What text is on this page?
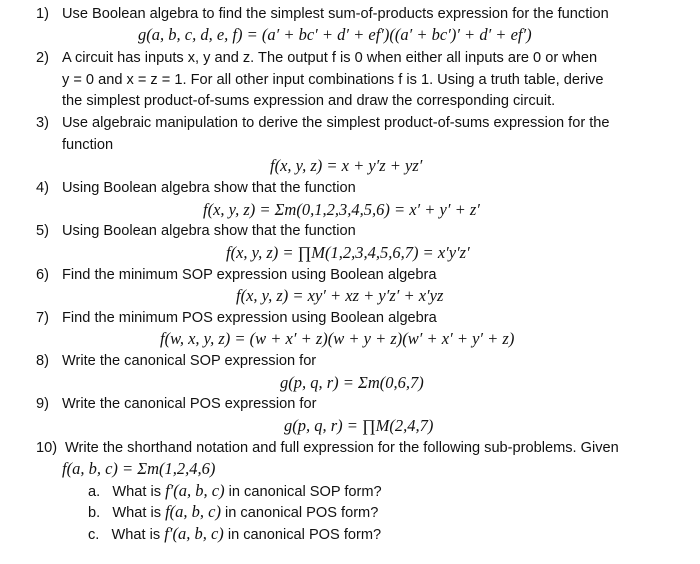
1) Use Boolean algebra to find the simplest sum-of-products expression for the function
g(a, b, c, d, e, f) = (a′ + bc′ + d′ + ef′)((a′ + bc′)′ + d′ + ef′)
2) A circuit has inputs x, y and z. The output f is 0 when either all inputs are 0 or when
y = 0 and x = z = 1. For all other input combinations f is 1. Using a truth table, derive
the simplest product-of-sums expression and draw the corresponding circuit.
3) Use algebraic manipulation to derive the simplest product-of-sums expression for the
function
f(x, y, z) = x + y′z + yz′
4) Using Boolean algebra show that the function
f(x, y, z) = Σm(0,1,2,3,4,5,6) = x′ + y′ + z′
5) Using Boolean algebra show that the function
f(x, y, z) = ∏M(1,2,3,4,5,6,7) = x′y′z′
6) Find the minimum SOP expression using Boolean algebra
f(x, y, z) = xy′ + xz + y′z′ + x′yz
7) Find the minimum POS expression using Boolean algebra
f(w, x, y, z) = (w + x′ + z)(w + y + z)(w′ + x′ + y′ + z)
8) Write the canonical SOP expression for
g(p, q, r) = Σm(0,6,7)
9) Write the canonical POS expression for
g(p, q, r) = ∏M(2,4,7)
10) Write the shorthand notation and full expression for the following sub-problems. Given
f(a, b, c) = Σm(1,2,4,6)
a. What is f′(a, b, c) in canonical SOP form?
b. What is f(a, b, c) in canonical POS form?
c. What is f′(a, b, c) in canonical POS form?
